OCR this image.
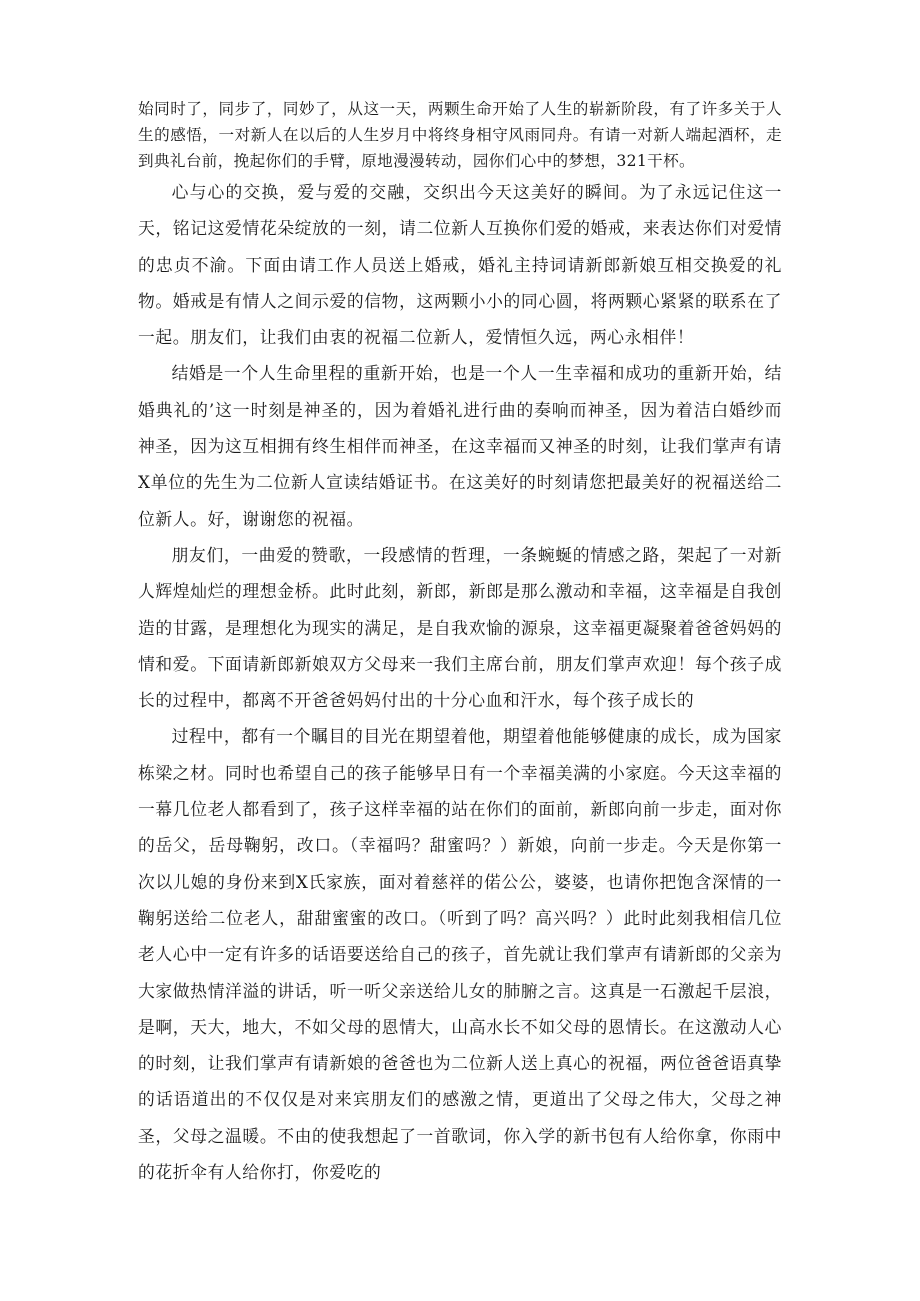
始同时了，同步了，同妙了，从这一天，两颗生命开始了人生的崭新阶段，有了许多关于人生的感悟，一对新人在以后的人生岁月中将终身相守风雨同舟。有请一对新人端起酒杯，走到典礼台前，挽起你们的手臂，原地漫漫转动，园你们心中的梦想，321干杯。

心与心的交换，爱与爱的交融，交织出今天这美好的瞬间。为了永远记住这一天，铭记这爱情花朵绽放的一刻，请二位新人互换你们爱的婚戒，来表达你们对爱情的忠贞不渝。下面由请工作人员送上婚戒，婚礼主持词请新郎新娘互相交换爱的礼物。婚戒是有情人之间示爱的信物，这两颗小小的同心圆，将两颗心紧紧的联系在了一起。朋友们，让我们由衷的祝福二位新人，爱情恒久远，两心永相伴！

结婚是一个人生命里程的重新开始，也是一个人一生幸福和成功的重新开始，结婚典礼的’这一时刻是神圣的，因为着婚礼进行曲的奏响而神圣，因为着洁白婚纱而神圣，因为这互相拥有终生相伴而神圣，在这幸福而又神圣的时刻，让我们掌声有请X单位的先生为二位新人宣读结婚证书。在这美好的时刻请您把最美好的祝福送给二位新人。好，谢谢您的祝福。

朋友们，一曲爱的赞歌，一段感情的哲理，一条蜿蜒的情感之路，架起了一对新人辉煌灿烂的理想金桥。此时此刻，新郎，新郎是那么激动和幸福，这幸福是自我创造的甘露，是理想化为现实的满足，是自我欢愉的源泉，这幸福更凝聚着爸爸妈妈的情和爱。下面请新郎新娘双方父母来一我们主席台前，朋友们掌声欢迎！每个孩子成长的过程中，都离不开爸爸妈妈付出的十分心血和汗水，每个孩子成长的

过程中，都有一个瞩目的目光在期望着他，期望着他能够健康的成长，成为国家栋梁之材。同时也希望自己的孩子能够早日有一个幸福美满的小家庭。今天这幸福的一幕几位老人都看到了，孩子这样幸福的站在你们的面前，新郎向前一步走，面对你的岳父，岳母鞠躬，改口。（幸福吗？甜蜜吗？）新娘，向前一步走。今天是你第一次以儿媳的身份来到X氏家族，面对着慈祥的偌公公，婆婆，也请你把饱含深情的一鞠躬送给二位老人，甜甜蜜蜜的改口。（听到了吗？高兴吗？）此时此刻我相信几位老人心中一定有许多的话语要送给自己的孩子，首先就让我们掌声有请新郎的父亲为大家做热情洋溢的讲话，听一听父亲送给儿女的肺腑之言。这真是一石激起千层浪，是啊，天大，地大，不如父母的恩情大，山高水长不如父母的恩情长。在这激动人心的时刻，让我们掌声有请新娘的爸爸也为二位新人送上真心的祝福，两位爸爸语真挚的话语道出的不仅仅是对来宾朋友们的感激之情，更道出了父母之伟大，父母之神圣，父母之温暖。不由的使我想起了一首歌词，你入学的新书包有人给你拿，你雨中的花折伞有人给你打，你爱吃的
